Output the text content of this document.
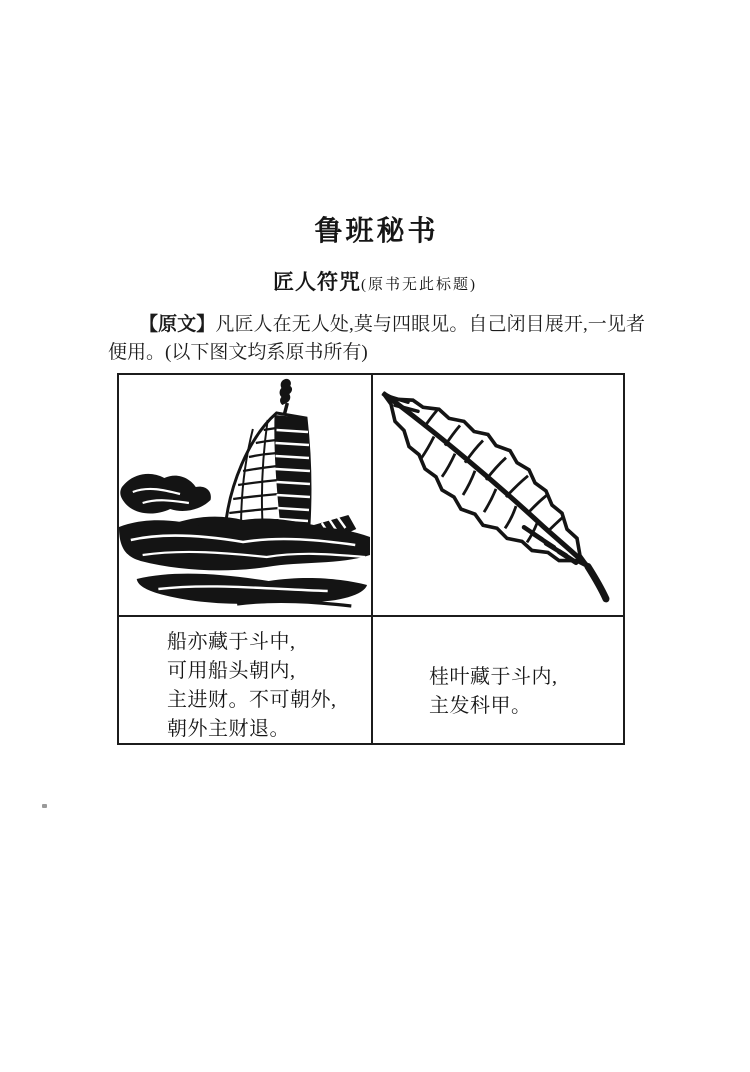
鲁班秘书
匠人符咒(原书无此标题)

【原文】凡匠人在无人处,莫与四眼见。自己闭目展开,一见者便用。(以下图文均系原书所有)

船亦藏于斗中,
可用船头朝内,
主进财。不可朝外,
朝外主财退。
桂叶藏于斗内,
主发科甲。
